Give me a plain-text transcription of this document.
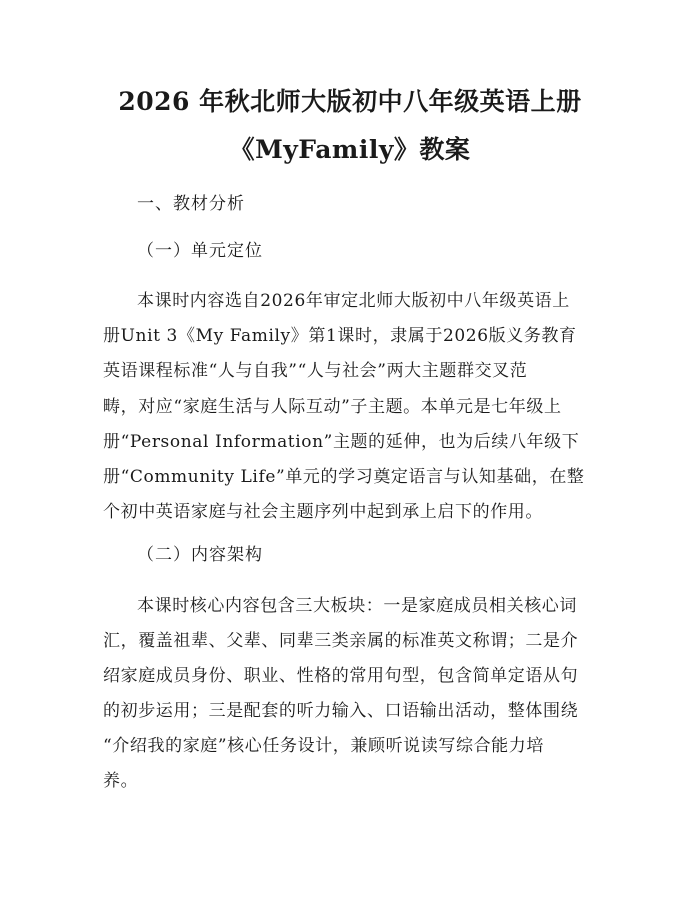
2026 年秋北师大版初中八年级英语上册
《MyFamily》教案
一、教材分析
（一）单元定位
本课时内容选自2026年审定北师大版初中八年级英语上
册Unit 3《My Family》第1课时，隶属于2026版义务教育
英语课程标准“人与自我”“人与社会”两大主题群交叉范
畴，对应“家庭生活与人际互动”子主题。本单元是七年级上
册“Personal Information”主题的延伸，也为后续八年级下
册“Community Life”单元的学习奠定语言与认知基础，在整
个初中英语家庭与社会主题序列中起到承上启下的作用。
（二）内容架构
本课时核心内容包含三大板块：一是家庭成员相关核心词
汇，覆盖祖辈、父辈、同辈三类亲属的标准英文称谓；二是介
绍家庭成员身份、职业、性格的常用句型，包含简单定语从句
的初步运用；三是配套的听力输入、口语输出活动，整体围绕
“介绍我的家庭”核心任务设计，兼顾听说读写综合能力培
养。
